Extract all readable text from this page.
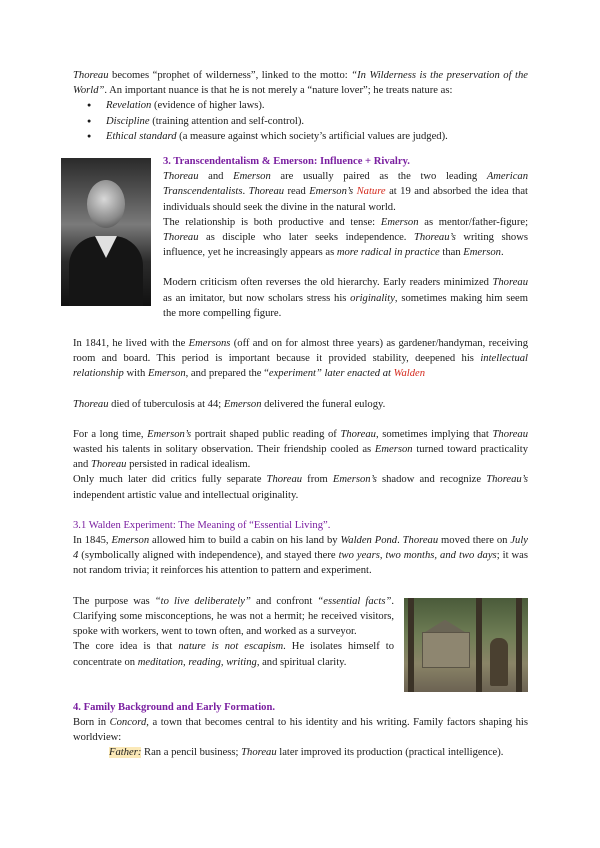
Thoreau becomes “prophet of wilderness”, linked to the motto: “In Wilderness is the preservation of the World”. An important nuance is that he is not merely a “nature lover”; he treats nature as:

● Revelation (evidence of higher laws).
● Discipline (training attention and self-control).
● Ethical standard (a measure against which society’s artificial values are judged).

3. Transcendentalism & Emerson: Influence + Rivalry.

Thoreau and Emerson are usually paired as the two leading American Transcendentalists. Thoreau read Emerson’s Nature at 19 and absorbed the idea that individuals should seek the divine in the natural world.

The relationship is both productive and tense: Emerson as mentor/father-figure; Thoreau as disciple who later seeks independence. Thoreau’s writing shows influence, yet he increasingly appears as more radical in practice than Emerson.

Modern criticism often reverses the old hierarchy. Early readers minimized Thoreau as an imitator, but now scholars stress his originality, sometimes making him seem the more compelling figure.

In 1841, he lived with the Emersons (off and on for almost three years) as gardener/handyman, receiving room and board. This period is important because it provided stability, deepened his intellectual relationship with Emerson, and prepared the “experiment” later enacted at Walden

Thoreau died of tuberculosis at 44; Emerson delivered the funeral eulogy.

For a long time, Emerson’s portrait shaped public reading of Thoreau, sometimes implying that Thoreau wasted his talents in solitary observation. Their friendship cooled as Emerson turned toward practicality and Thoreau persisted in radical idealism.

Only much later did critics fully separate Thoreau from Emerson’s shadow and recognize Thoreau’s independent artistic value and intellectual originality.

3.1 Walden Experiment: The Meaning of “Essential Living”.

In 1845, Emerson allowed him to build a cabin on his land by Walden Pond. Thoreau moved there on July 4 (symbolically aligned with independence), and stayed there two years, two months, and two days; it was not random trivia; it reinforces his attention to pattern and experiment.

The purpose was “to live deliberately” and confront “essential facts”. Clarifying some misconceptions, he was not a hermit; he received visitors, spoke with workers, went to town often, and worked as a surveyor.

The core idea is that nature is not escapism. He isolates himself to concentrate on meditation, reading, writing, and spiritual clarity.

4. Family Background and Early Formation.

Born in Concord, a town that becomes central to his identity and his writing. Family factors shaping his worldview:

Father: Ran a pencil business; Thoreau later improved its production (practical intelligence).
